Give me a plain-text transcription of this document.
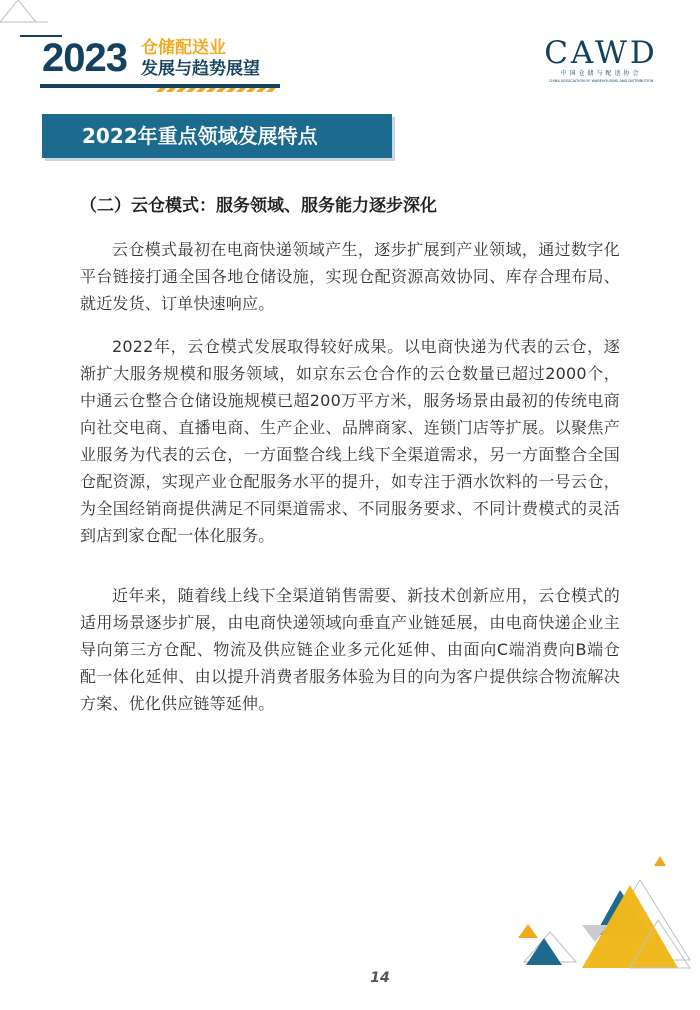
2023 仓储配送业
发展与趋势展望	CAWD
中国仓储与配送协会
CHINA ASSOCIATION OF WAREHOUSING AND DISTRIBUTION
2022年重点领域发展特点
（二）云仓模式：服务领域、服务能力逐步深化

云仓模式最初在电商快递领域产生，逐步扩展到产业领域，通过数字化平台链接打通全国各地仓储设施，实现仓配资源高效协同、库存合理布局、就近发货、订单快速响应。

2022年，云仓模式发展取得较好成果。以电商快递为代表的云仓，逐渐扩大服务规模和服务领域，如京东云仓合作的云仓数量已超过2000个，中通云仓整合仓储设施规模已超200万平方米，服务场景由最初的传统电商向社交电商、直播电商、生产企业、品牌商家、连锁门店等扩展。以聚焦产业服务为代表的云仓，一方面整合线上线下全渠道需求，另一方面整合全国仓配资源，实现产业仓配服务水平的提升，如专注于酒水饮料的一号云仓，为全国经销商提供满足不同渠道需求、不同服务要求、不同计费模式的灵活到店到家仓配一体化服务。

近年来，随着线上线下全渠道销售需要、新技术创新应用，云仓模式的适用场景逐步扩展，由电商快递领域向垂直产业链延展，由电商快递企业主导向第三方仓配、物流及供应链企业多元化延伸、由面向C端消费向B端仓配一体化延伸、由以提升消费者服务体验为目的向为客户提供综合物流解决方案、优化供应链等延伸。

14
